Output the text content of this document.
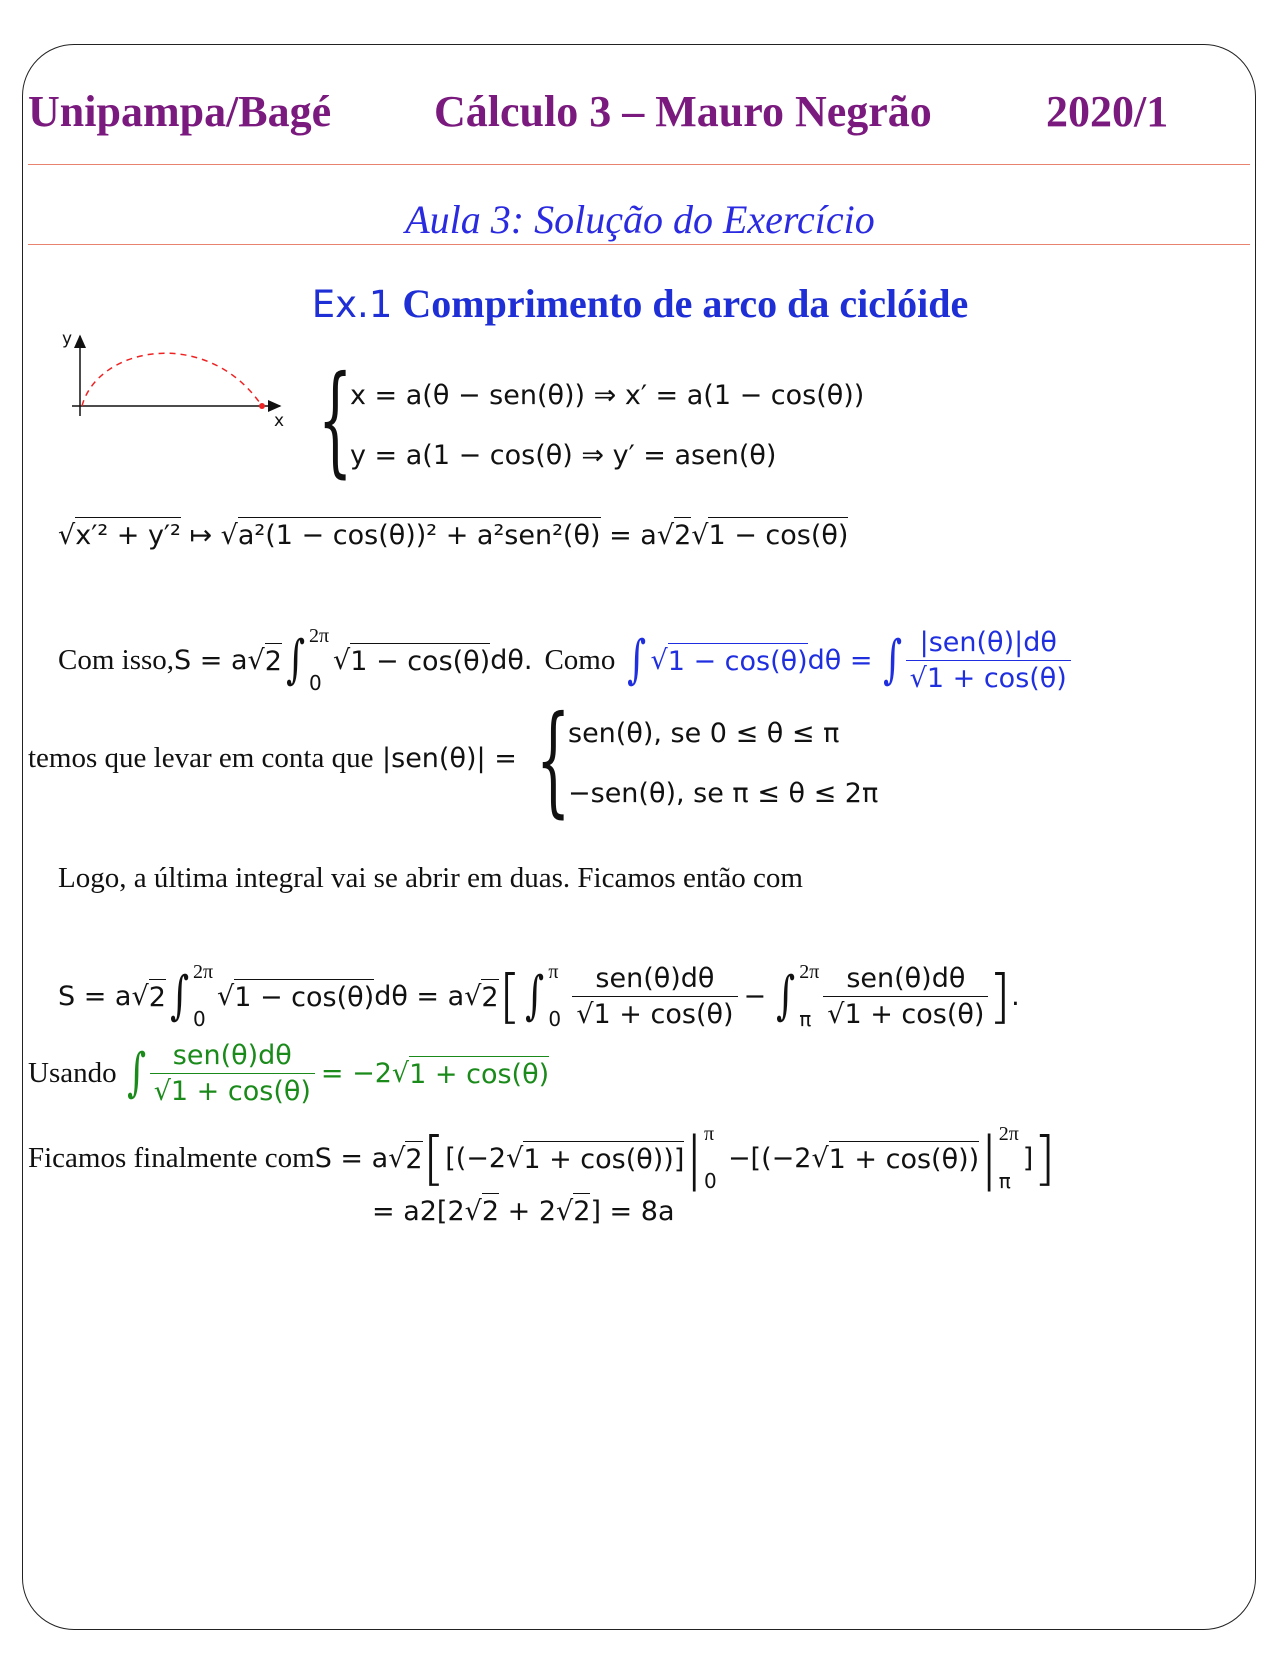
Unipampa/Bagé Cálculo 3 – Mauro Negrão	2020/1
Aula 3: Solução do Exercício
Ex.1 Comprimento de arco da ciclóide
y
x {
x = a(θ − sen(θ)) ⇒ x′ = a(1 − cos(θ))
y = a(1 − cos(θ) ⇒ y′ = asen(θ)
√x′² + y′² ↦ √a²(1 − cos(θ))² + a²sen²(θ) = a√2√1 − cos(θ)
Com isso, S = a √ 2 ∫ 2π
0
√ 1 − cos(θ) dθ. Como ∫ √ 1 − cos(θ) dθ = ∫ $\frac{\text{|sen(θ)|dθ}}{√1 + \cos(\theta)}$
temos que levar em conta que |sen(θ)| = {
sen(θ), se 0 ≤ θ ≤ π
−sen(θ), se π ≤ θ ≤ 2π
Logo, a última integral vai se abrir em duas. Ficamos então com
S = a √ 2 ∫ 2π
0
√ 1 − cos(θ) dθ = a √ 2 [ ∫ π
$0 \frac{\text{sen(θ)dθ}}{√1 + \cos(\theta)}$ − ∫ 2π
π $\frac{\text{sen(θ)dθ}}{√1 + \cos(\theta)}$ ] .
Usando ∫ $\frac{\text{sen(θ)dθ}}{√1 + \cos(\theta)} = -2$ √ 1 + cos(θ)
Ficamos finalmente com S = a √ 2 [ [(−2 √ 1 + cos(θ))] | π
0
−[(−2 √ 1 + cos(θ)) | 2π
π
] ]
= a2[2√2 + 2√2] = 8a
